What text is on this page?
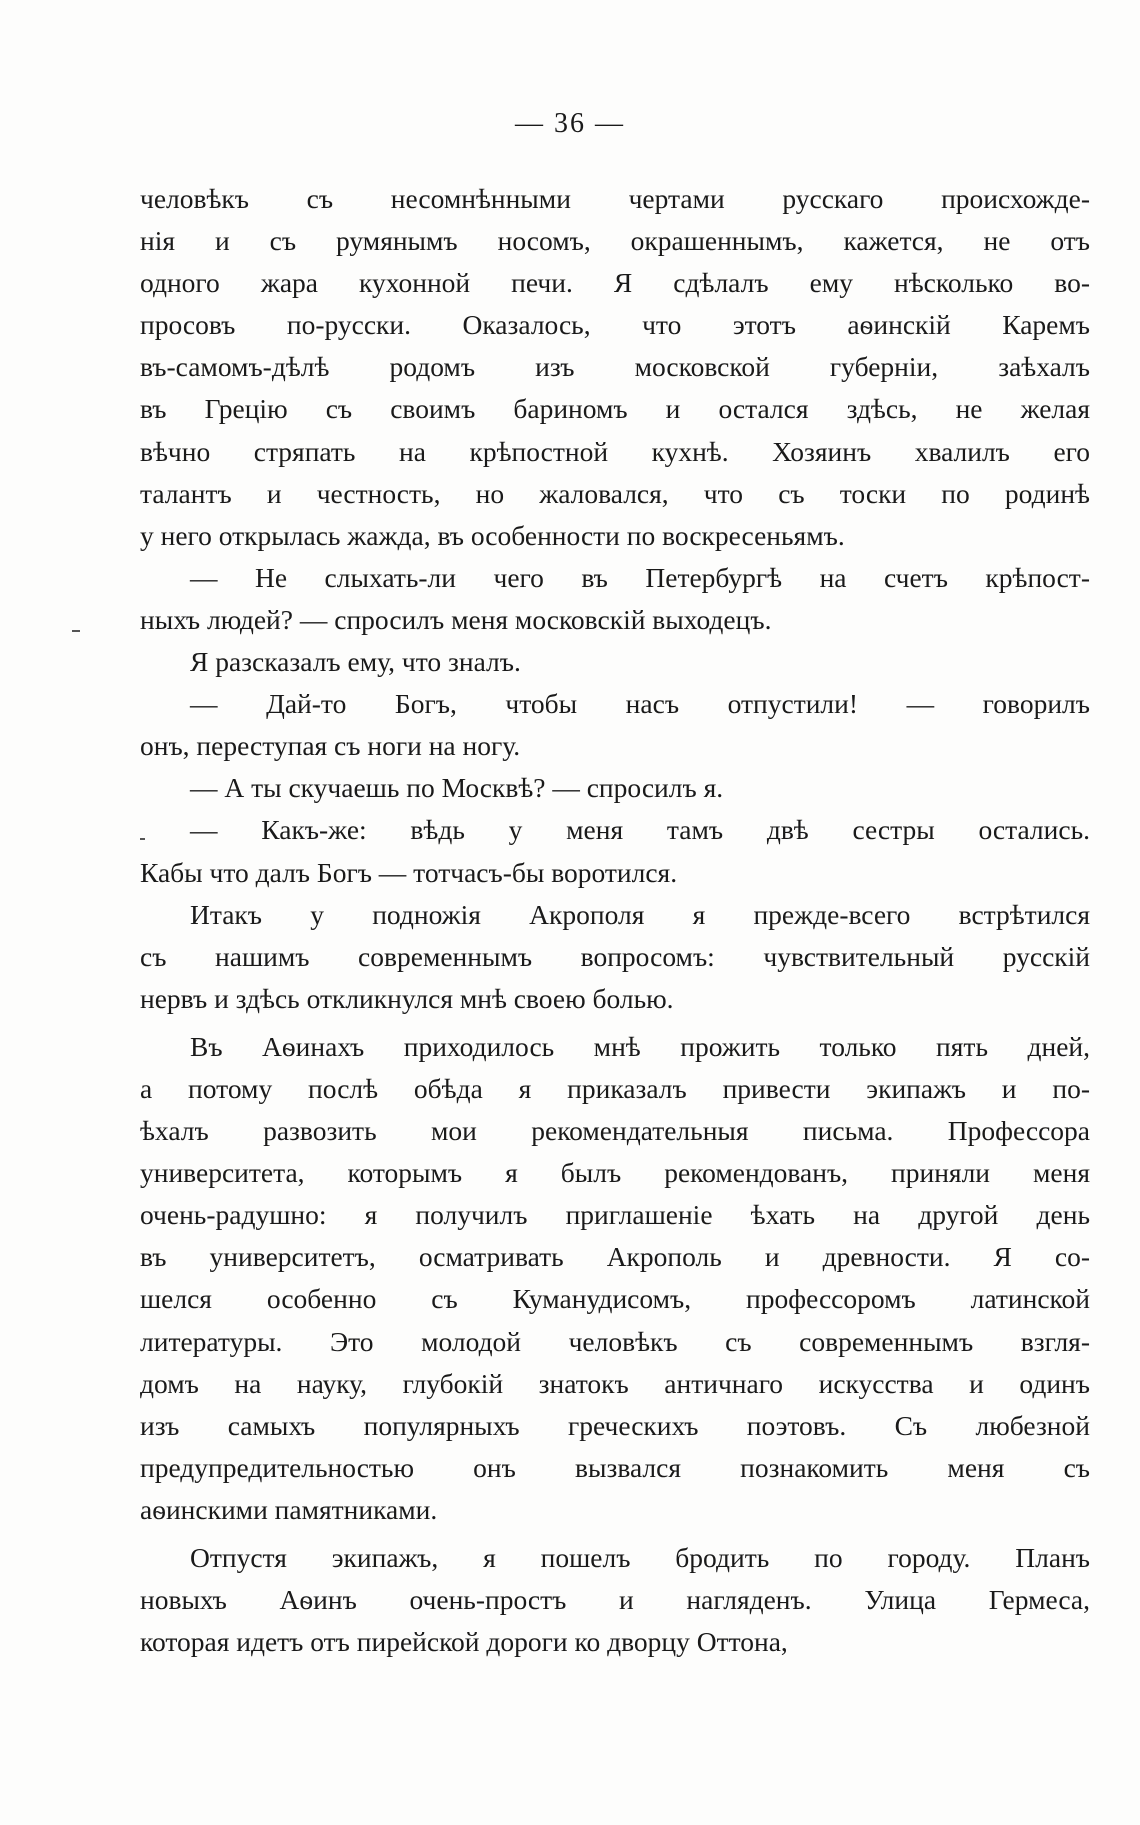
— 36 —
человѣкъ съ несомнѣнными чертами русскаго происхожде-
нія и съ румянымъ носомъ, окрашеннымъ, кажется, не отъ
одного жара кухонной печи. Я сдѣлалъ ему нѣсколько во-
просовъ по-русски. Оказалось, что этотъ аѳинскій Каремъ
въ-самомъ-дѣлѣ родомъ изъ московской губерніи, заѣхалъ
въ Грецію съ своимъ бариномъ и остался здѣсь, не желая
вѣчно стряпать на крѣпостной кухнѣ. Хозяинъ хвалилъ его
талантъ и честность, но жаловался, что съ тоски по родинѣ
у него открылась жажда, въ особенности по воскресеньямъ.
— Не слыхать-ли чего въ Петербургѣ на счетъ крѣпост-
ныхъ людей? — спросилъ меня московскій выходецъ.
Я разсказалъ ему, что зналъ.
— Дай-то Богъ, чтобы насъ отпустили! — говорилъ
онъ, переступая съ ноги на ногу.
— А ты скучаешь по Москвѣ? — спросилъ я.
— Какъ-же: вѣдь у меня тамъ двѣ сестры остались.
Кабы что далъ Богъ — тотчасъ-бы воротился.
Итакъ у подножія Акрополя я прежде-всего встрѣтился
съ нашимъ современнымъ вопросомъ: чувствительный русскій
нервъ и здѣсь откликнулся мнѣ своею болью.
Въ Аѳинахъ приходилось мнѣ прожить только пять дней,
а потому послѣ обѣда я приказалъ привести экипажъ и по-
ѣхалъ развозить мои рекомендательныя письма. Профессора
университета, которымъ я былъ рекомендованъ, приняли меня
очень-радушно: я получилъ приглашеніе ѣхать на другой день
въ университетъ, осматривать Акрополь и древности. Я со-
шелся особенно съ Куманудисомъ, профессоромъ латинской
литературы. Это молодой человѣкъ съ современнымъ взгля-
домъ на науку, глубокій знатокъ античнаго искусства и одинъ
изъ самыхъ популярныхъ греческихъ поэтовъ. Съ любезной
предупредительностью онъ вызвался познакомить меня съ
аѳинскими памятниками.
Отпустя экипажъ, я пошелъ бродить по городу. Планъ
новыхъ Аѳинъ очень-простъ и нагляденъ. Улица Гермеса,
которая идетъ отъ пирейской дороги ко дворцу Оттона,
